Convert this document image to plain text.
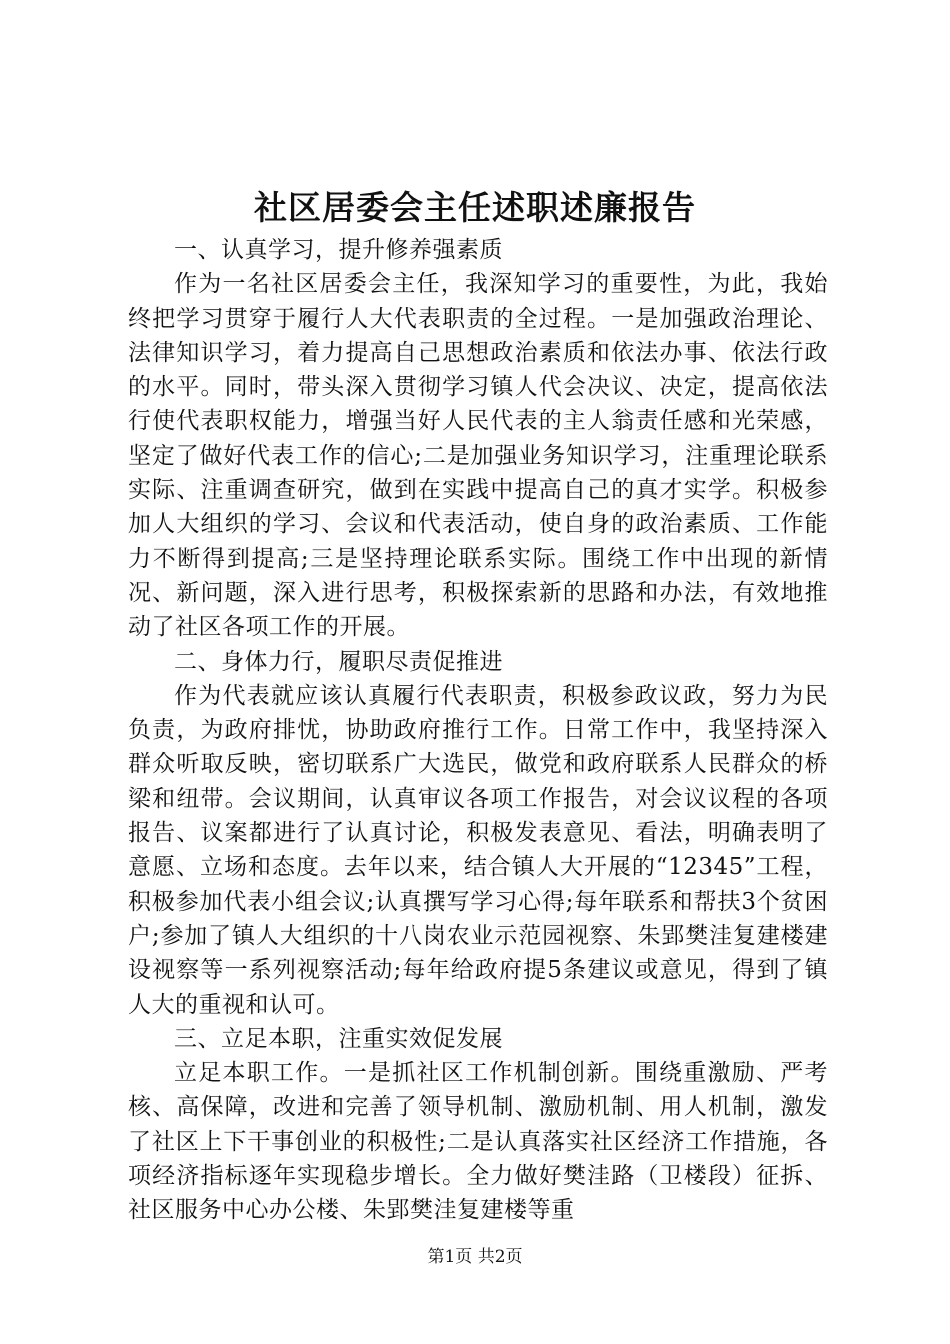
社区居委会主任述职述廉报告

一、认真学习，提升修养强素质

作为一名社区居委会主任，我深知学习的重要性，为此，我始终把学习贯穿于履行人大代表职责的全过程。一是加强政治理论、法律知识学习，着力提高自己思想政治素质和依法办事、依法行政的水平。同时，带头深入贯彻学习镇人代会决议、决定，提高依法行使代表职权能力，增强当好人民代表的主人翁责任感和光荣感，坚定了做好代表工作的信心;二是加强业务知识学习，注重理论联系实际、注重调查研究，做到在实践中提高自己的真才实学。积极参加人大组织的学习、会议和代表活动，使自身的政治素质、工作能力不断得到提高;三是坚持理论联系实际。围绕工作中出现的新情况、新问题，深入进行思考，积极探索新的思路和办法，有效地推动了社区各项工作的开展。

二、身体力行，履职尽责促推进

作为代表就应该认真履行代表职责，积极参政议政，努力为民负责，为政府排忧，协助政府推行工作。日常工作中，我坚持深入群众听取反映，密切联系广大选民，做党和政府联系人民群众的桥梁和纽带。会议期间，认真审议各项工作报告，对会议议程的各项报告、议案都进行了认真讨论，积极发表意见、看法，明确表明了意愿、立场和态度。去年以来，结合镇人大开展的“12345”工程，积极参加代表小组会议;认真撰写学习心得;每年联系和帮扶3个贫困户;参加了镇人大组织的十八岗农业示范园视察、朱郢樊洼复建楼建设视察等一系列视察活动;每年给政府提5条建议或意见，得到了镇人大的重视和认可。

三、立足本职，注重实效促发展

立足本职工作。一是抓社区工作机制创新。围绕重激励、严考核、高保障，改进和完善了领导机制、激励机制、用人机制，激发了社区上下干事创业的积极性;二是认真落实社区经济工作措施，各项经济指标逐年实现稳步增长。全力做好樊洼路（卫楼段）征拆、社区服务中心办公楼、朱郢樊洼复建楼等重

第1页 共2页
